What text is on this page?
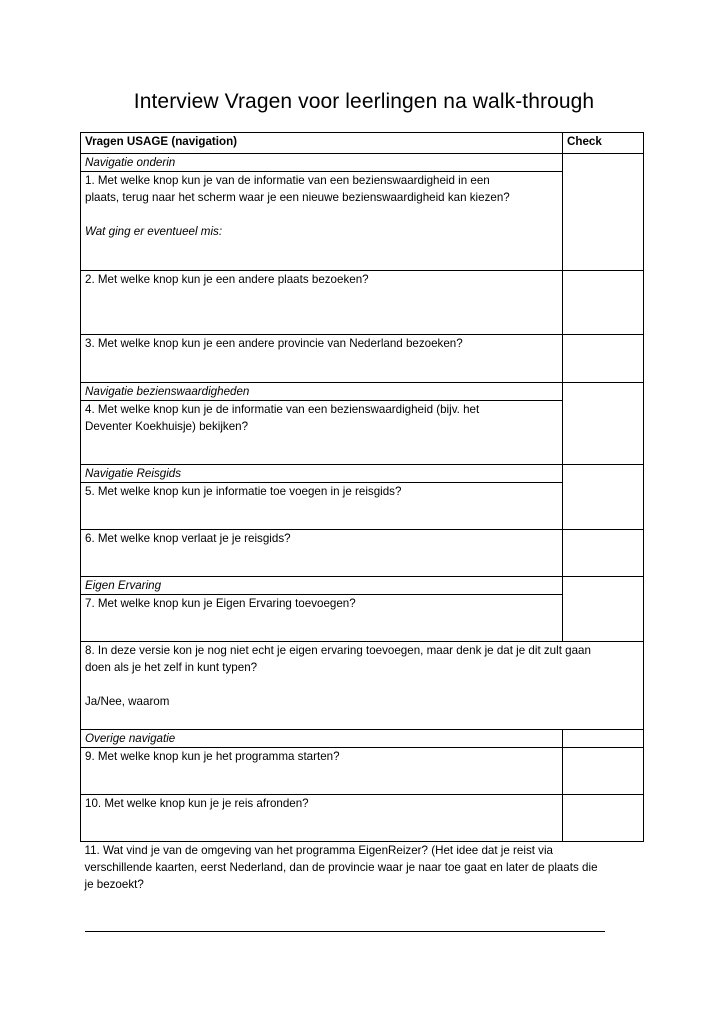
Interview Vragen voor leerlingen na walk-through
Vragen USAGE (navigation)	Check
Navigatie onderin	

1. Met welke knop kun je van de informatie van een bezienswaardigheid in een
plaats, terug naar het scherm waar je een nieuwe bezienswaardigheid kan kiezen?
Wat ging er eventueel mis:	

2. Met welke knop kun je een andere plaats bezoeken?	
3. Met welke knop kun je een andere provincie van Nederland bezoeken?	
Navigatie bezienswaardigheden	

4. Met welke knop kun je de informatie van een bezienswaardigheid (bijv. het
Deventer Koekhuisje) bekijken?	

Navigatie Reisgids	
5. Met welke knop kun je informatie toe voegen in je reisgids?	
6. Met welke knop verlaat je je reisgids?	
Eigen Ervaring	
7. Met welke knop kun je Eigen Ervaring toevoegen?	

8. In deze versie kon je nog niet echt je eigen ervaring toevoegen, maar denk je dat je dit zult gaan
doen als je het zelf in kunt typen?
Ja/Nee, waarom	

Overige navigatie	
9. Met welke knop kun je het programma starten?	
10. Met welke knop kun je je reis afronden?	

11. Wat vind je van de omgeving van het programma EigenReizer? (Het idee dat je reist via
verschillende kaarten, eerst Nederland, dan de provincie waar je naar toe gaat en later de plaats die
je bezoekt?	
